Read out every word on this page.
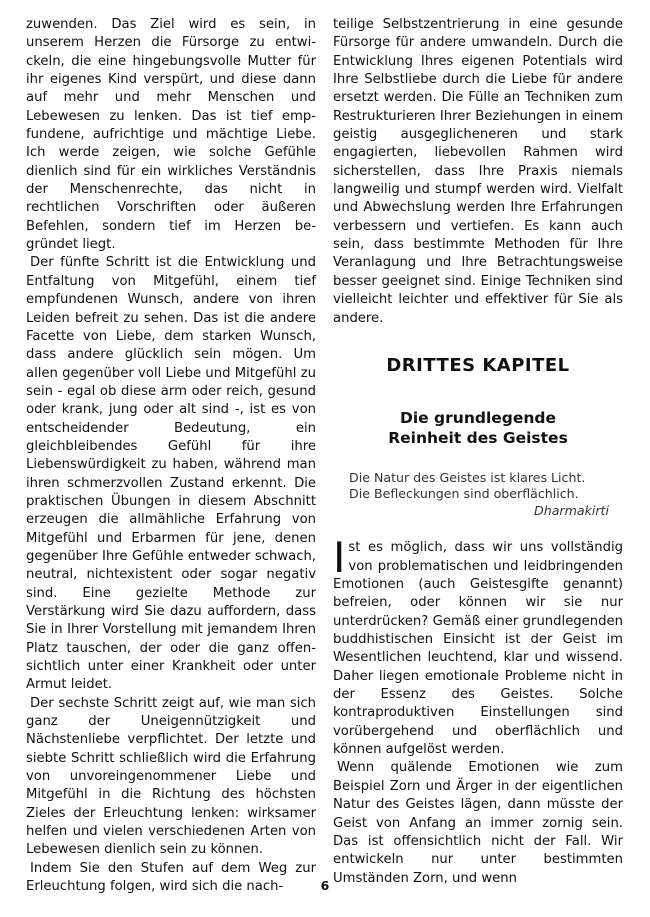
zuwenden. Das Ziel wird es sein, in unserem Herzen die Fürsorge zu entwickeln, die eine hingebungsvolle Mutter für ihr eigenes Kind verspürt, und diese dann auf mehr und mehr Menschen und Lebewesen zu lenken. Das ist tief empfundene, aufrichtige und mächtige Liebe. Ich werde zeigen, wie solche Gefühle dienlich sind für ein wirkliches Verständnis der Menschenrechte, das nicht in rechtlichen Vorschriften oder äußeren Befehlen, sondern tief im Herzen begründet liegt.

Der fünfte Schritt ist die Entwicklung und Entfaltung von Mitgefühl, einem tief empfundenen Wunsch, andere von ihren Leiden befreit zu sehen. Das ist die andere Facette von Liebe, dem starken Wunsch, dass andere glücklich sein mögen. Um allen gegenüber voll Liebe und Mitgefühl zu sein - egal ob diese arm oder reich, gesund oder krank, jung oder alt sind -, ist es von entscheidender Bedeutung, ein gleichbleibendes Gefühl für ihre Liebenswürdigkeit zu haben, während man ihren schmerzvollen Zustand erkennt. Die praktischen Übungen in diesem Abschnitt erzeugen die allmähliche Erfahrung von Mitgefühl und Erbarmen für jene, denen gegenüber Ihre Gefühle entweder schwach, neutral, nichtexistent oder sogar negativ sind. Eine gezielte Methode zur Verstärkung wird Sie dazu auffordern, dass Sie in Ihrer Vorstellung mit jemandem Ihren Platz tauschen, der oder die ganz offensichtlich unter einer Krankheit oder unter Armut leidet.

Der sechste Schritt zeigt auf, wie man sich ganz der Uneigennützigkeit und Nächstenliebe verpflichtet. Der letzte und siebte Schritt schließlich wird die Erfahrung von unvoreingenommener Liebe und Mitgefühl in die Richtung des höchsten Zieles der Erleuchtung lenken: wirksamer helfen und vielen verschiedenen Arten von Lebewesen dienlich sein zu können.

Indem Sie den Stufen auf dem Weg zur Erleuchtung folgen, wird sich die nach-

teilige Selbstzentrierung in eine gesunde Fürsorge für andere umwandeln. Durch die Entwicklung Ihres eigenen Potentials wird Ihre Selbstliebe durch die Liebe für andere ersetzt werden. Die Fülle an Techniken zum Restrukturieren Ihrer Beziehungen in einem geistig ausgeglicheneren und stark engagierten, liebevollen Rahmen wird sicherstellen, dass Ihre Praxis niemals langweilig und stumpf werden wird. Vielfalt und Abwechslung werden Ihre Erfahrungen verbessern und vertiefen. Es kann auch sein, dass bestimmte Methoden für Ihre Veranlagung und Ihre Betrachtungsweise besser geeignet sind. Einige Techniken sind vielleicht leichter und effektiver für Sie als andere.

DRITTES KAPITEL
Die grundlegende
Reinheit des Geistes
Die Natur des Geistes ist klares Licht.
Die Befleckungen sind oberflächlich.
Dharmakirti

Ist es möglich, dass wir uns vollständig von problematischen und leidbringenden Emotionen (auch Geistesgifte genannt) befreien, oder können wir sie nur unterdrücken? Gemäß einer grundlegenden buddhistischen Einsicht ist der Geist im Wesentlichen leuchtend, klar und wissend. Daher liegen emotionale Probleme nicht in der Essenz des Geistes. Solche kontraproduktiven Einstellungen sind vorübergehend und oberflächlich und können aufgelöst werden.

Wenn quälende Emotionen wie zum Beispiel Zorn und Ärger in der eigentlichen Natur des Geistes lägen, dann müsste der Geist von Anfang an immer zornig sein. Das ist offensichtlich nicht der Fall. Wir entwickeln nur unter bestimmten Umständen Zorn, und wenn

6
